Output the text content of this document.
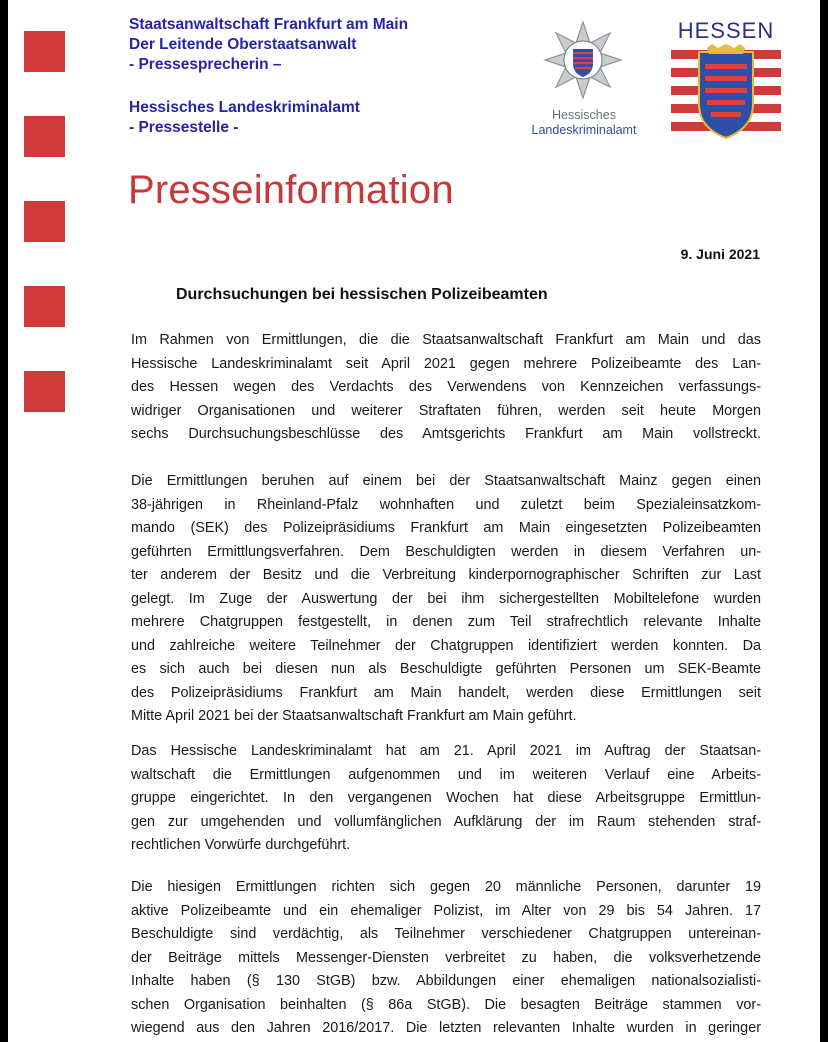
Staatsanwaltschaft Frankfurt am Main
Der Leitende Oberstaatsanwalt
- Pressesprecherin –
Hessisches Landeskriminalamt
- Pressestelle -
Hessisches
Landeskriminalamt
HESSEN
Presseinformation
9. Juni 2021
Durchsuchungen bei hessischen Polizeibeamten
Im Rahmen von Ermittlungen, die die Staatsanwaltschaft Frankfurt am Main und das
Hessische Landeskriminalamt seit April 2021 gegen mehrere Polizeibeamte des Lan-
des Hessen wegen des Verdachts des Verwendens von Kennzeichen verfassungs-
widriger Organisationen und weiterer Straftaten führen, werden seit heute Morgen
sechs Durchsuchungsbeschlüsse des Amtsgerichts Frankfurt am Main vollstreckt.
Die Ermittlungen beruhen auf einem bei der Staatsanwaltschaft Mainz gegen einen
38-jährigen in Rheinland-Pfalz wohnhaften und zuletzt beim Spezialeinsatzkom-
mando (SEK) des Polizeipräsidiums Frankfurt am Main eingesetzten Polizeibeamten
geführten Ermittlungsverfahren. Dem Beschuldigten werden in diesem Verfahren un-
ter anderem der Besitz und die Verbreitung kinderpornographischer Schriften zur Last
gelegt. Im Zuge der Auswertung der bei ihm sichergestellten Mobiltelefone wurden
mehrere Chatgruppen festgestellt, in denen zum Teil strafrechtlich relevante Inhalte
und zahlreiche weitere Teilnehmer der Chatgruppen identifiziert werden konnten. Da
es sich auch bei diesen nun als Beschuldigte geführten Personen um SEK-Beamte
des Polizeipräsidiums Frankfurt am Main handelt, werden diese Ermittlungen seit
Mitte April 2021 bei der Staatsanwaltschaft Frankfurt am Main geführt.
Das Hessische Landeskriminalamt hat am 21. April 2021 im Auftrag der Staatsan-
waltschaft die Ermittlungen aufgenommen und im weiteren Verlauf eine Arbeits-
gruppe eingerichtet. In den vergangenen Wochen hat diese Arbeitsgruppe Ermittlun-
gen zur umgehenden und vollumfänglichen Aufklärung der im Raum stehenden straf-
rechtlichen Vorwürfe durchgeführt.
Die hiesigen Ermittlungen richten sich gegen 20 männliche Personen, darunter 19
aktive Polizeibeamte und ein ehemaliger Polizist, im Alter von 29 bis 54 Jahren. 17
Beschuldigte sind verdächtig, als Teilnehmer verschiedener Chatgruppen untereinan-
der Beiträge mittels Messenger-Diensten verbreitet zu haben, die volksverhetzende
Inhalte haben (§ 130 StGB) bzw. Abbildungen einer ehemaligen nationalsozialisti-
schen Organisation beinhalten (§ 86a StGB). Die besagten Beiträge stammen vor-
wiegend aus den Jahren 2016/2017. Die letzten relevanten Inhalte wurden in geringer
